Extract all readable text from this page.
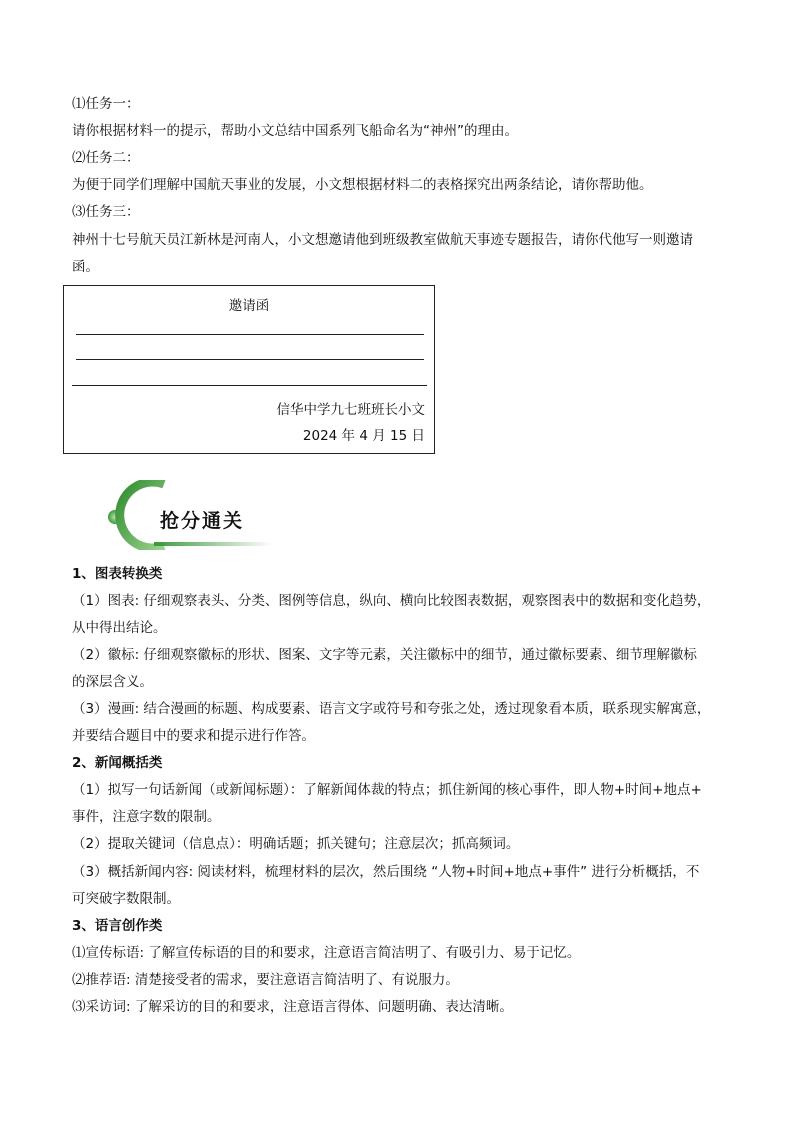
⑴任务一：
请你根据材料一的提示，帮助小文总结中国系列飞船命名为“神州”的理由。
⑵任务二：
为便于同学们理解中国航天事业的发展，小文想根据材料二的表格探究出两条结论，请你帮助他。
⑶任务三：
神州十七号航天员江新林是河南人，小文想邀请他到班级教室做航天事迹专题报告，请你代他写一则邀请
函。
邀请函
信华中学九七班班长小文
2024 年 4 月 15 日
抢分通关
1、图表转换类
（1）图表: 仔细观察表头、分类、图例等信息，纵向、横向比较图表数据，观察图表中的数据和变化趋势，
从中得出结论。
（2）徽标: 仔细观察徽标的形状、图案、文字等元素，关注徽标中的细节，通过徽标要素、细节理解徽标
的深层含义。
（3）漫画: 结合漫画的标题、构成要素、语言文字或符号和夸张之处，透过现象看本质，联系现实解寓意，
并要结合题目中的要求和提示进行作答。
2、新闻概括类
（1）拟写一句话新闻（或新闻标题）：了解新闻体裁的特点；抓住新闻的核心事件，即人物+时间+地点+
事件，注意字数的限制。
（2）提取关键词（信息点）：明确话题；抓关键句；注意层次；抓高频词。
（3）概括新闻内容: 阅读材料，梳理材料的层次，然后围绕 “人物+时间+地点+事件” 进行分析概括，不
可突破字数限制。
3、语言创作类
⑴宣传标语: 了解宣传标语的目的和要求，注意语言简洁明了、有吸引力、易于记忆。
⑵推荐语: 清楚接受者的需求，要注意语言简洁明了、有说服力。
⑶采访词: 了解采访的目的和要求，注意语言得体、问题明确、表达清晰。
